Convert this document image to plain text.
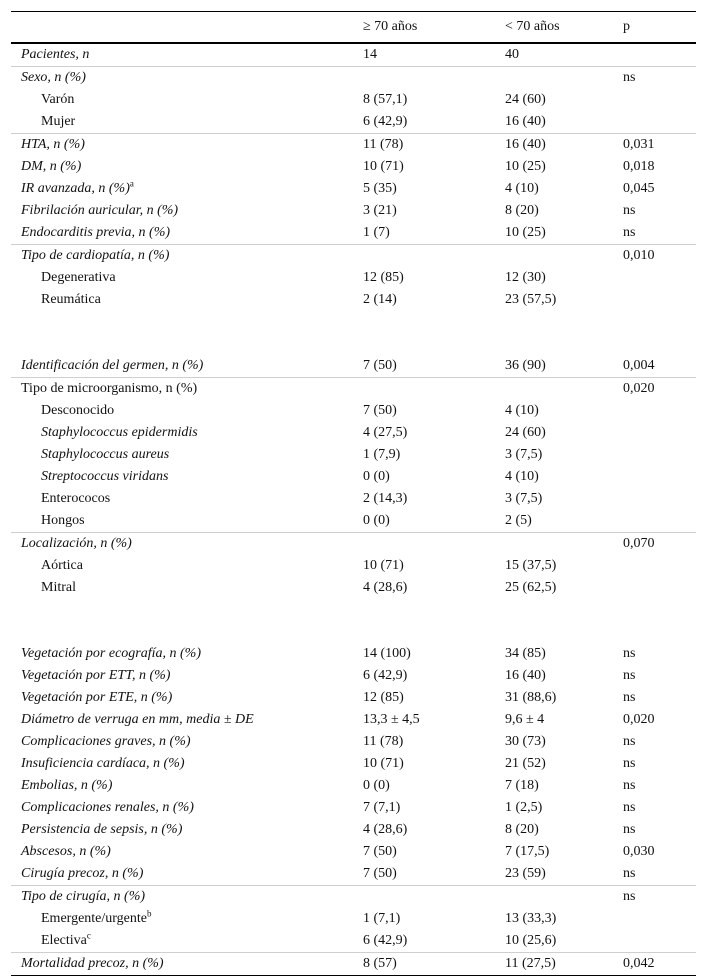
	≥ 70 años	< 70 años	p
Pacientes, n	14	40	
Sexo, n (%)			ns
Varón	8 (57,1)	24 (60)	
Mujer	6 (42,9)	16 (40)	
HTA, n (%)	11 (78)	16 (40)	0,031
DM, n (%)	10 (71)	10 (25)	0,018
IR avanzada, n (%)$^a$	5 (35)	4 (10)	0,045
Fibrilación auricular, n (%)	3 (21)	8 (20)	ns
Endocarditis previa, n (%)	1 (7)	10 (25)	ns
Tipo de cardiopatía, n (%)			0,010
Degenerativa	12 (85)	12 (30)	
Reumática	2 (14)	23 (57,5)	

Identificación del germen, n (%)	7 (50)	36 (90)	0,004
Tipo de microorganismo, n (%)			0,020
Desconocido	7 (50)	4 (10)	
Staphylococcus epidermidis	4 (27,5)	24 (60)	
Staphylococcus aureus	1 (7,9)	3 (7,5)	
Streptococcus viridans	0 (0)	4 (10)	
Enterococos	2 (14,3)	3 (7,5)	
Hongos	0 (0)	2 (5)	
Localización, n (%)			0,070
Aórtica	10 (71)	15 (37,5)	
Mitral	4 (28,6)	25 (62,5)	

Vegetación por ecografía, n (%)	14 (100)	34 (85)	ns
Vegetación por ETT, n (%)	6 (42,9)	16 (40)	ns
Vegetación por ETE, n (%)	12 (85)	31 (88,6)	ns
Diámetro de verruga en mm, media ± DE	13,3 ± 4,5	9,6 ± 4	0,020
Complicaciones graves, n (%)	11 (78)	30 (73)	ns
Insuficiencia cardíaca, n (%)	10 (71)	21 (52)	ns
Embolias, n (%)	0 (0)	7 (18)	ns
Complicaciones renales, n (%)	7 (7,1)	1 (2,5)	ns
Persistencia de sepsis, n (%)	4 (28,6)	8 (20)	ns
Abscesos, n (%)	7 (50)	7 (17,5)	0,030
Cirugía precoz, n (%)	7 (50)	23 (59)	ns
Tipo de cirugía, n (%)			ns
Emergente/urgente$^b$	1 (7,1)	13 (33,3)	
Electiva$^c$	6 (42,9)	10 (25,6)	
Mortalidad precoz, n (%)	8 (57)	11 (27,5)	0,042
